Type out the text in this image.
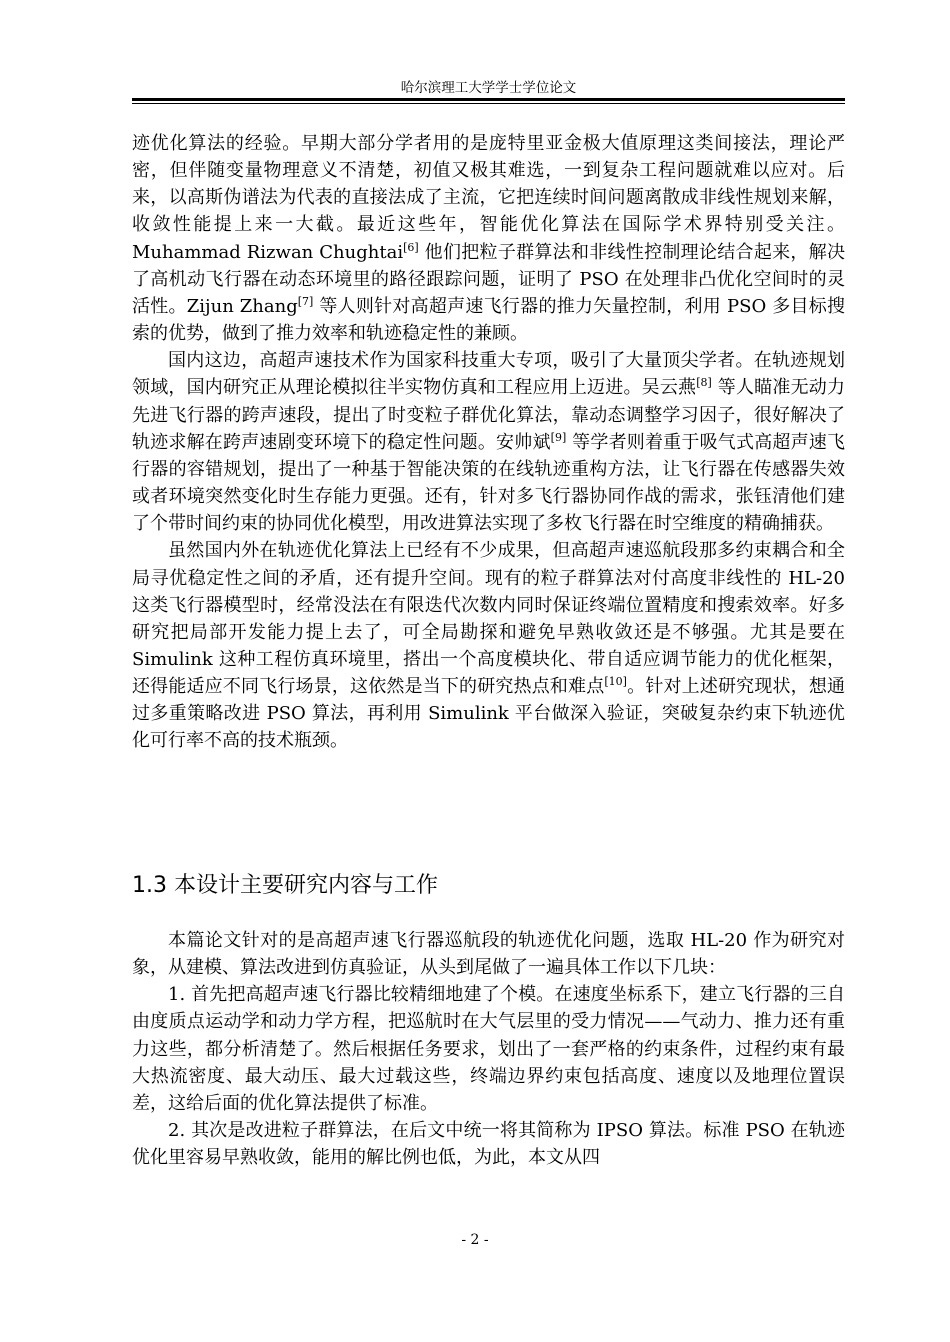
哈尔滨理工大学学士学位论文

迹优化算法的经验。早期大部分学者用的是庞特里亚金极大值原理这类间接法，理论严密，但伴随变量物理意义不清楚，初值又极其难选，一到复杂工程问题就难以应对。后来，以高斯伪谱法为代表的直接法成了主流，它把连续时间问题离散成非线性规划来解，收敛性能提上来一大截。最近这些年，智能优化算法在国际学术界特别受关注。Muhammad Rizwan Chughtai[6] 他们把粒子群算法和非线性控制理论结合起来，解决了高机动飞行器在动态环境里的路径跟踪问题，证明了 PSO 在处理非凸优化空间时的灵活性。Zijun Zhang[7] 等人则针对高超声速飞行器的推力矢量控制，利用 PSO 多目标搜索的优势，做到了推力效率和轨迹稳定性的兼顾。

国内这边，高超声速技术作为国家科技重大专项，吸引了大量顶尖学者。在轨迹规划领域，国内研究正从理论模拟往半实物仿真和工程应用上迈进。吴云燕[8] 等人瞄准无动力先进飞行器的跨声速段，提出了时变粒子群优化算法，靠动态调整学习因子，很好解决了轨迹求解在跨声速剧变环境下的稳定性问题。安帅斌[9] 等学者则着重于吸气式高超声速飞行器的容错规划，提出了一种基于智能决策的在线轨迹重构方法，让飞行器在传感器失效或者环境突然变化时生存能力更强。还有，针对多飞行器协同作战的需求，张钰清他们建了个带时间约束的协同优化模型，用改进算法实现了多枚飞行器在时空维度的精确捕获。

虽然国内外在轨迹优化算法上已经有不少成果，但高超声速巡航段那多约束耦合和全局寻优稳定性之间的矛盾，还有提升空间。现有的粒子群算法对付高度非线性的 HL-20 这类飞行器模型时，经常没法在有限迭代次数内同时保证终端位置精度和搜索效率。好多研究把局部开发能力提上去了，可全局勘探和避免早熟收敛还是不够强。尤其是要在 Simulink 这种工程仿真环境里，搭出一个高度模块化、带自适应调节能力的优化框架，还得能适应不同飞行场景，这依然是当下的研究热点和难点[10]。针对上述研究现状，想通过多重策略改进 PSO 算法，再利用 Simulink 平台做深入验证，突破复杂约束下轨迹优化可行率不高的技术瓶颈。

1.3 本设计主要研究内容与工作

本篇论文针对的是高超声速飞行器巡航段的轨迹优化问题，选取 HL-20 作为研究对象，从建模、算法改进到仿真验证，从头到尾做了一遍具体工作以下几块：

1. 首先把高超声速飞行器比较精细地建了个模。在速度坐标系下，建立飞行器的三自由度质点运动学和动力学方程，把巡航时在大气层里的受力情况——气动力、推力还有重力这些，都分析清楚了。然后根据任务要求，划出了一套严格的约束条件，过程约束有最大热流密度、最大动压、最大过载这些，终端边界约束包括高度、速度以及地理位置误差，这给后面的优化算法提供了标准。

2. 其次是改进粒子群算法，在后文中统一将其简称为 IPSO 算法。标准 PSO 在轨迹优化里容易早熟收敛，能用的解比例也低，为此，本文从四

- 2 -
